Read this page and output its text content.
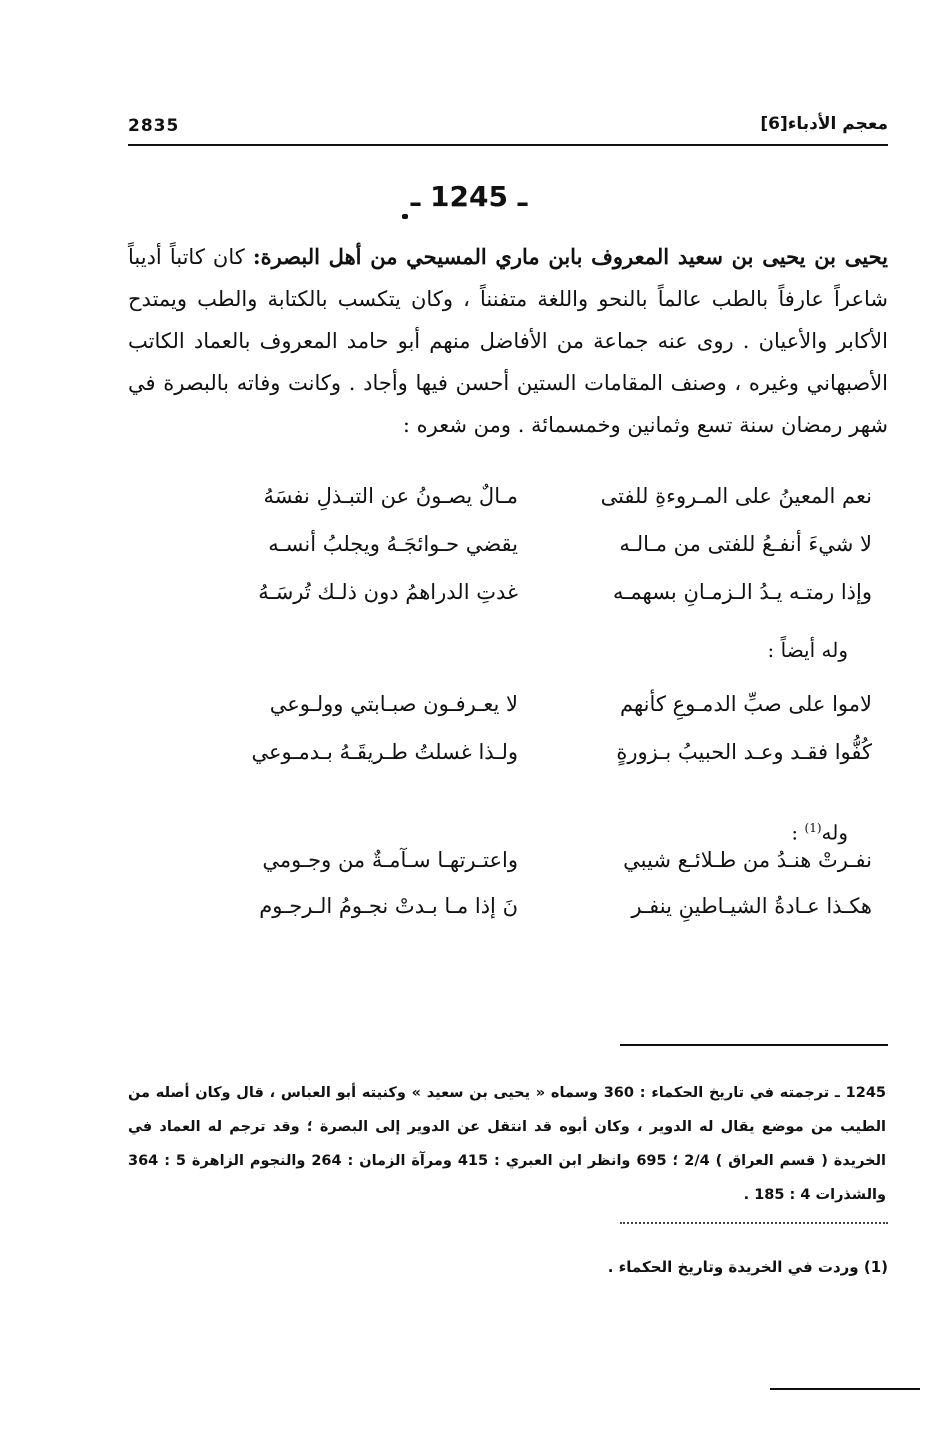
2835	معجم الأدباء[6]
ـ 1245 ـ
يحيى بن يحيى بن سعيد المعروف بابن ماري المسيحي من أهل البصرة: كان كاتباً أديباً شاعراً عارفاً بالطب عالماً بالنحو واللغة متفنناً ، وكان يتكسب بالكتابة والطب ويمتدح الأكابر والأعيان . روى عنه جماعة من الأفاضل منهم أبو حامد المعروف بالعماد الكاتب الأصبهاني وغيره ، وصنف المقامات الستين أحسن فيها وأجاد . وكانت وفاته بالبصرة في شهر رمضان سنة تسع وثمانين وخمسمائة . ومن شعره :
نعم المعينُ على المـروءةِ للفتى
مـالٌ يصـونُ عن التبـذلِ نفسَهُ
لا شيءَ أنفـعُ للفتى من مـالـه
يقضي حـوائجَـهُ ويجلبُ أنسـه
وإذا رمتـه يـدُ الـزمـانِ بسهمـه
غدتِ الدراهمُ دون ذلـك تُرسَـهُ
وله أيضاً :
لاموا على صبِّ الدمـوعِ كأنهم
لا يعـرفـون صبـابتي وولـوعي
كُفُّوا فقـد وعـد الحبيبُ بـزورةٍ
ولـذا غسلتُ طـريقَـهُ بـدمـوعي
وله$^{(1)}$ :
نفـرتْ هنـدُ من طـلائـع شيبي
واعتـرتهـا سـآمـةٌ من وجـومي
هكـذا عـادةُ الشيـاطينِ ينفـر
نَ إذا مـا بـدتْ نجـومُ الـرجـوم
1245 ـ ترجمته في تاريخ الحكماء : 360 وسماه « يحيى بن سعيد » وكنيته أبو العباس ، قال وكان أصله من الطيب من موضع يقال له الدوير ، وكان أبوه قد انتقل عن الدوير إلى البصرة ؛ وقد ترجم له العماد في الخريدة ( قسم العراق ) 2/4 ؛ 695 وانظر ابن العبري : 415 ومرآة الزمان : 264 والنجوم الزاهرة 5 : 364 والشذرات 4 : 185 .
(1) وردت في الخريدة وتاريخ الحكماء .
